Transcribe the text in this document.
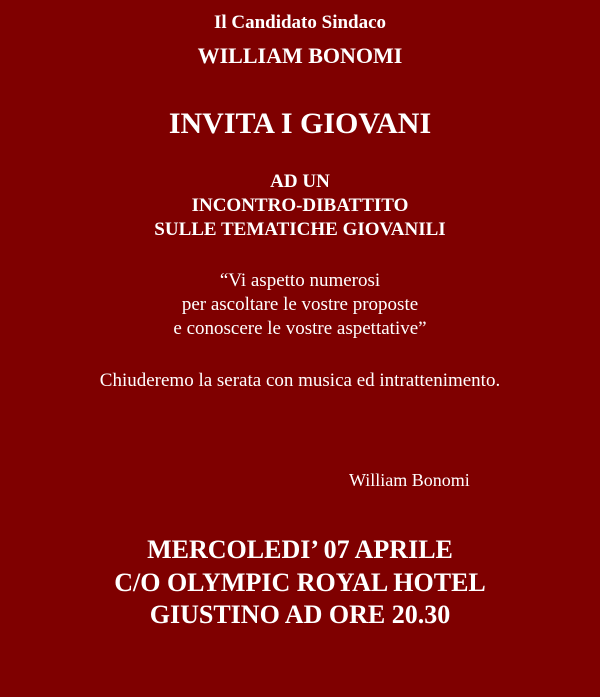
Il Candidato Sindaco
WILLIAM BONOMI
INVITA I GIOVANI
AD UN
INCONTRO-DIBATTITO
SULLE TEMATICHE GIOVANILI
“Vi aspetto numerosi
per ascoltare le vostre proposte
e conoscere le vostre aspettative”
Chiuderemo la serata con musica ed intrattenimento.
William Bonomi
MERCOLEDI’ 07 APRILE
C/O OLYMPIC ROYAL HOTEL
GIUSTINO AD ORE 20.30
